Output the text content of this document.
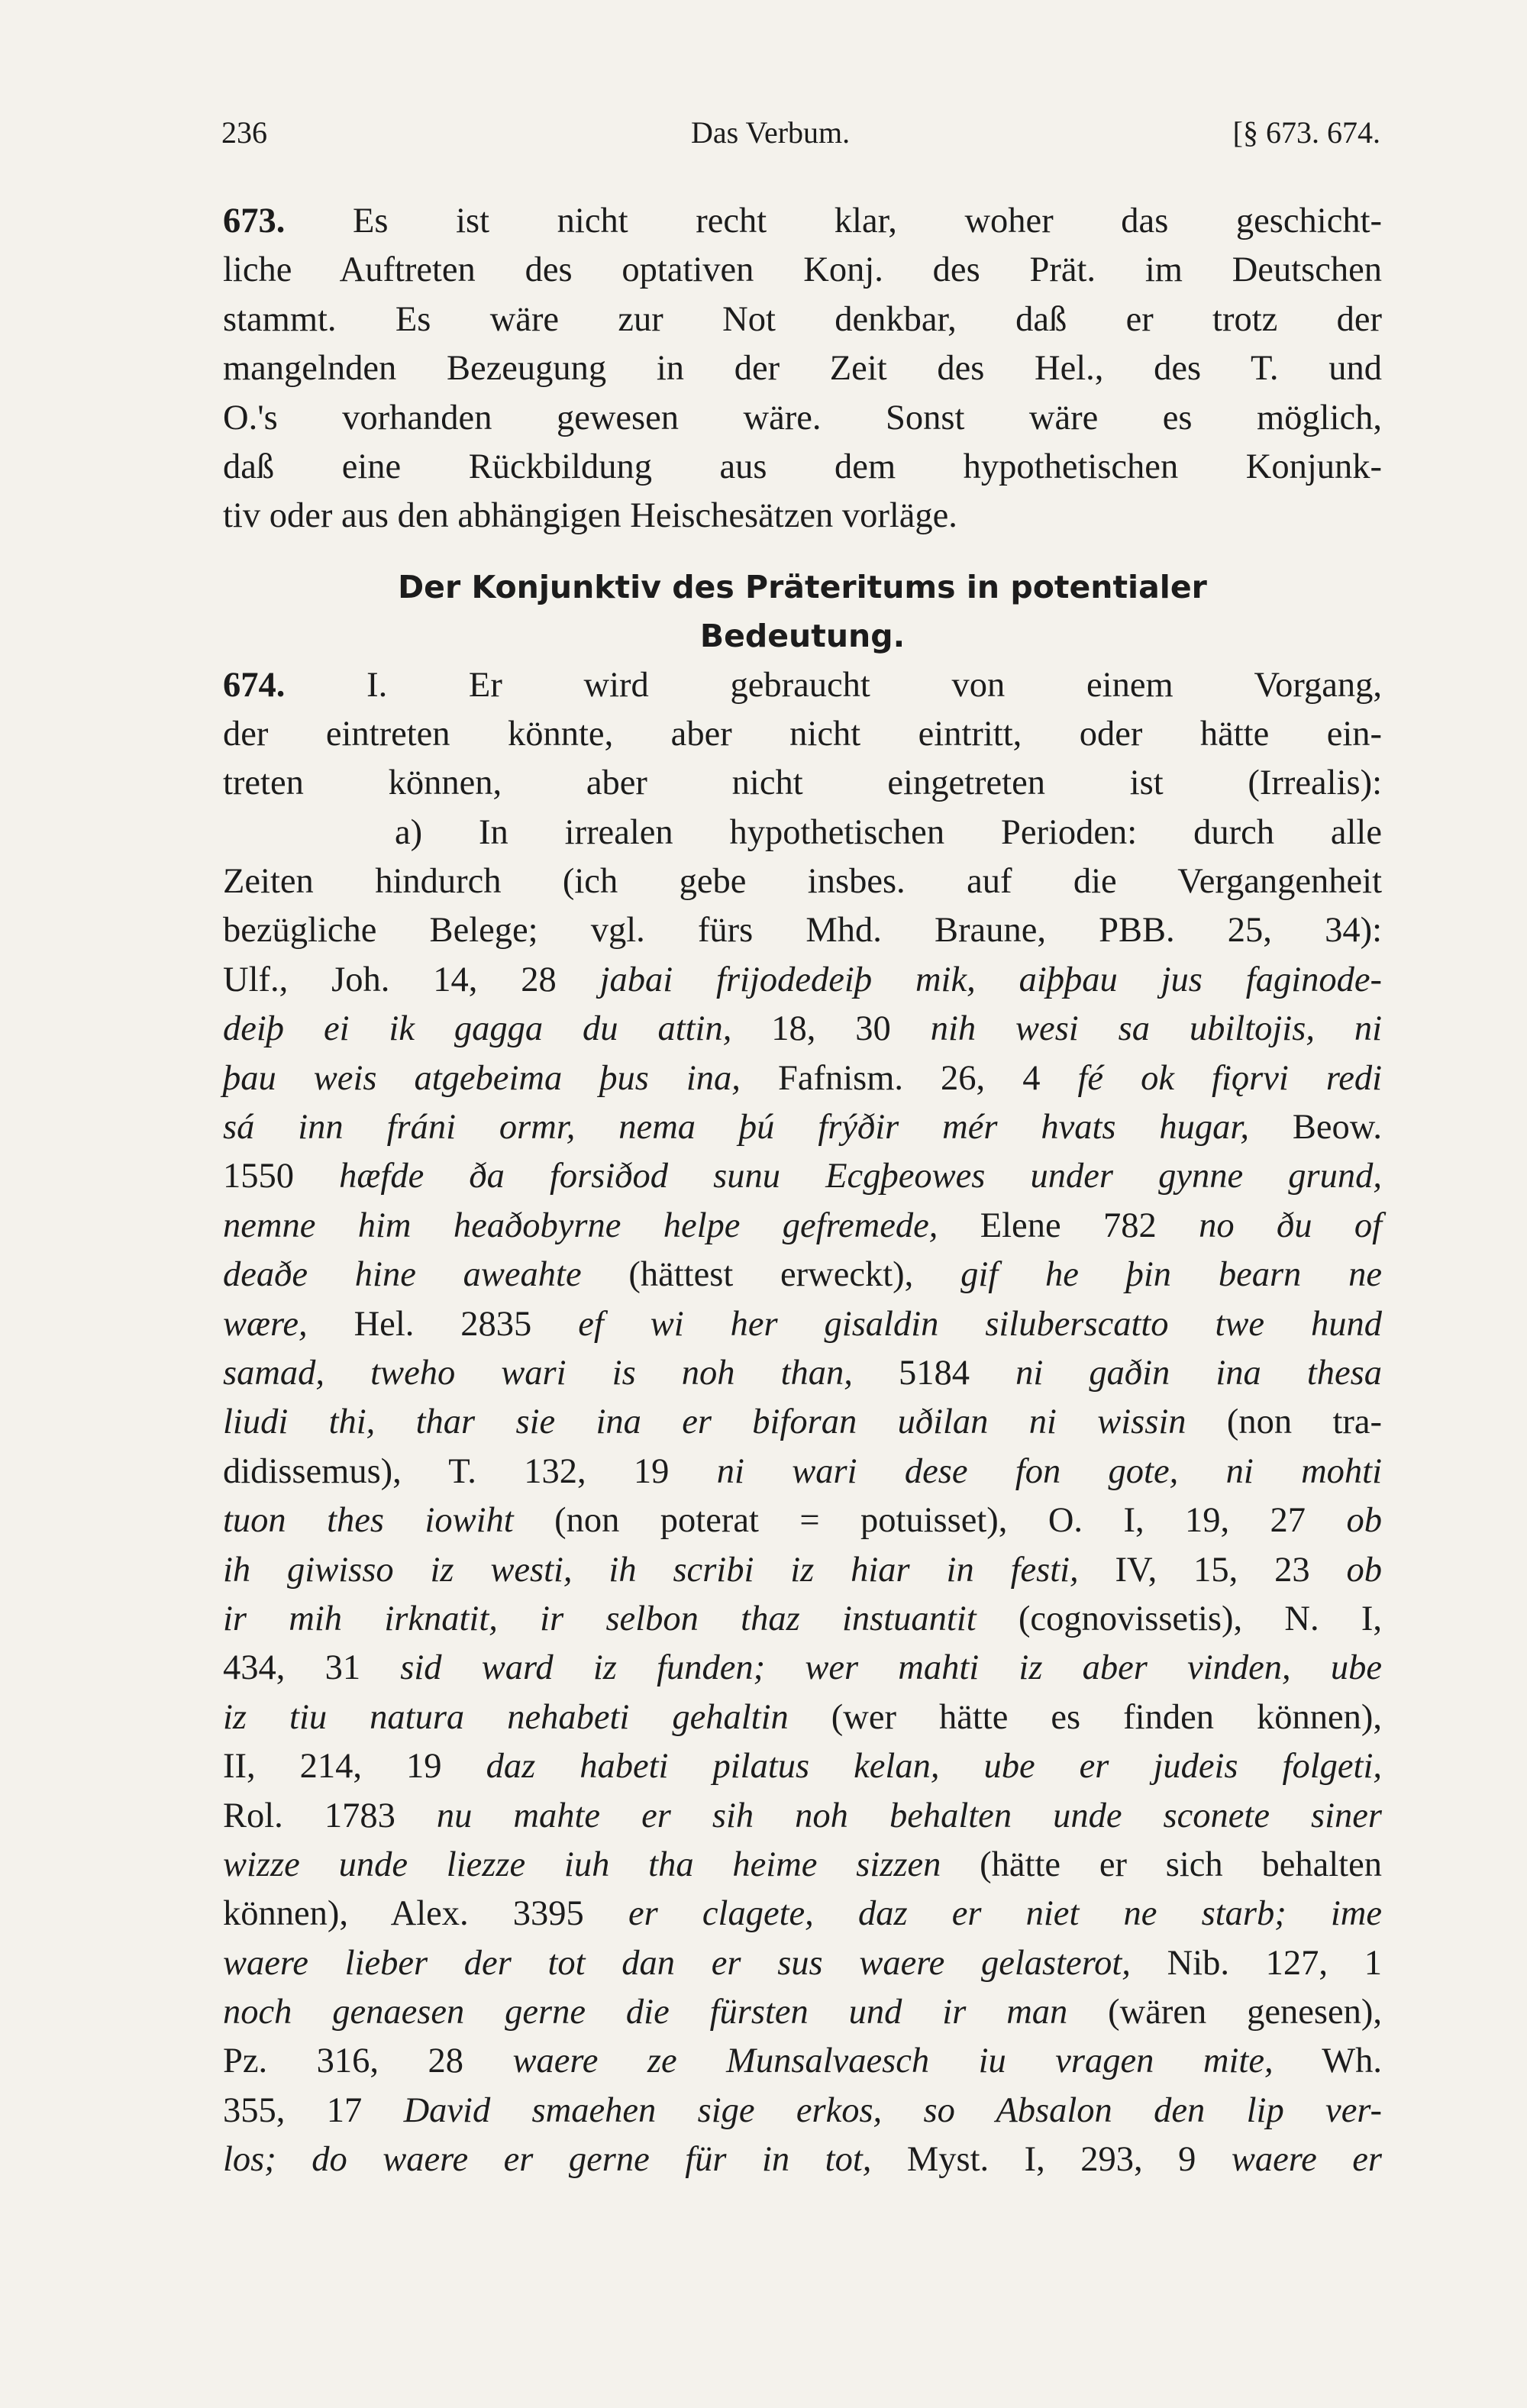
236	Das Verbum.	[§ 673. 674.
673. Es ist nicht recht klar, woher das geschicht-
liche Auftreten des optativen Konj. des Prät. im Deutschen
stammt. Es wäre zur Not denkbar, daß er trotz der
mangelnden Bezeugung in der Zeit des Hel., des T. und
O.'s vorhanden gewesen wäre. Sonst wäre es möglich,
daß eine Rückbildung aus dem hypothetischen Konjunk-
tiv oder aus den abhängigen Heischesätzen vorläge.
Der Konjunktiv des Präteritums in potentialer
Bedeutung.
674. I. Er wird gebraucht von einem Vorgang,
der eintreten könnte, aber nicht eintritt, oder hätte ein-
treten können, aber nicht eingetreten ist (Irrealis):
a) In irrealen hypothetischen Perioden: durch alle
Zeiten hindurch (ich gebe insbes. auf die Vergangenheit
bezügliche Belege; vgl. fürs Mhd. Braune, PBB. 25, 34):
Ulf., Joh. 14, 28 jabai frijodedeiþ mik, aiþþau jus faginode-
deiþ ei ik gagga du attin, 18, 30 nih wesi sa ubiltojis, ni
þau weis atgebeima þus ina, Fafnism. 26, 4 fé ok fiǫrvi redi
sá inn fráni ormr, nema þú frýðir mér hvats hugar, Beow.
1550 hæfde ða forsiðod sunu Ecgþeowes under gynne grund,
nemne him heaðobyrne helpe gefremede, Elene 782 no ðu of
deaðe hine aweahte (hättest erweckt), gif he þin bearn ne
wære, Hel. 2835 ef wi her gisaldin siluberscatto twe hund
samad, tweho wari is noh than, 5184 ni gaðin ina thesa
liudi thi, thar sie ina er biforan uðilan ni wissin (non tra-
didissemus), T. 132, 19 ni wari dese fon gote, ni mohti
tuon thes iowiht (non poterat = potuisset), O. I, 19, 27 ob
ih giwisso iz westi, ih scribi iz hiar in festi, IV, 15, 23 ob
ir mih irknatit, ir selbon thaz instuantit (cognovissetis), N. I,
434, 31 sid ward iz funden; wer mahti iz aber vinden, ube
iz tiu natura nehabeti gehaltin (wer hätte es finden können),
II, 214, 19 daz habeti pilatus kelan, ube er judeis folgeti,
Rol. 1783 nu mahte er sih noh behalten unde sconete siner
wizze unde liezze iuh tha heime sizzen (hätte er sich behalten
können), Alex. 3395 er clagete, daz er niet ne starb; ime
waere lieber der tot dan er sus waere gelasterot, Nib. 127, 1
noch genaesen gerne die fürsten und ir man (wären genesen),
Pz. 316, 28 waere ze Munsalvaesch iu vragen mite, Wh.
355, 17 David smaehen sige erkos, so Absalon den lip ver-
los; do waere er gerne für in tot, Myst. I, 293, 9 waere er
